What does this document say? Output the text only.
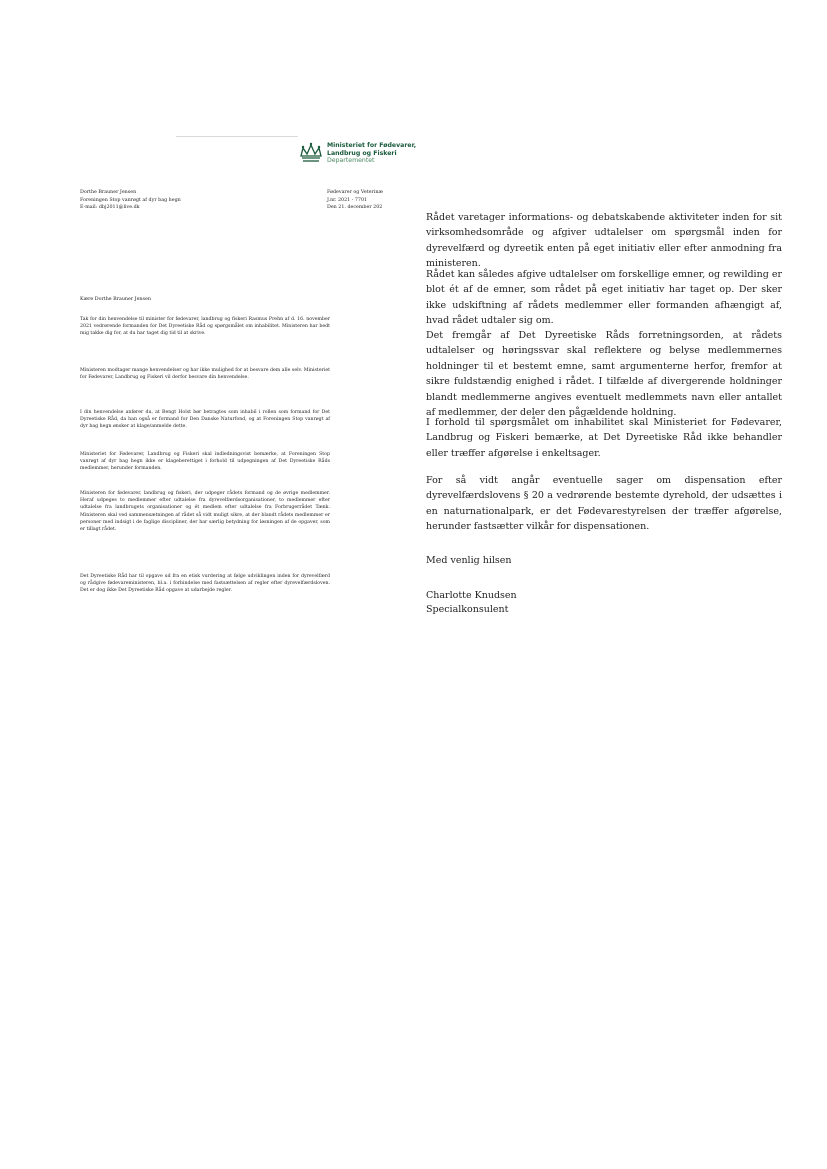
Ministeriet for Fødevarer,
Landbrug og Fiskeri
Departementet
Dorthe Brauner Jensen
Foreningen Stop vanrøgt af dyr bag hegn
E-mail: dbj2011@live.dk
Fødevarer og Veterinæ
J.nr. 2021 - 7701
Den 21. december 202
Kære Dorthe Brauner Jensen

Tak for din henvendelse til minister for fødevarer, landbrug og fiskeri Rasmus Prehn af d. 16. november 2021 vedrørende formanden for Det Dyreetiske Råd og spørgsmålet om inhabilitet. Ministeren har bedt mig takke dig for, at du har taget dig tid til at skrive.

Ministeren modtager mange henvendelser og har ikke mulighed for at besvare dem alle selv. Ministeriet for Fødevarer, Landbrug og Fiskeri vil derfor besvare din henvendelse.

I din henvendelse anfører du, at Bengt Holst bør betragtes som inhabil i rollen som formand for Det Dyreetiske Råd, da han også er formand for Den Danske Naturfond, og at Foreningen Stop vanrøgt af dyr bag hegn ønsker at klage/anmelde dette.

Ministeriet for Fødevarer, Landbrug og Fiskeri skal indledningsvist bemærke, at Foreningen Stop vanrøgt af dyr bag hegn ikke er klageberettiget i forhold til udpegningen af Det Dyreetiske Råds medlemmer, herunder formanden.

Ministeren for fødevarer, landbrug og fiskeri, der udpeger rådets formand og de øvrige medlemmer. Heraf udpeges to medlemmer efter udtalelse fra dyrevelfærdsorganisationer, to medlemmer efter udtalelse fra landbrugets organisationer og ét medlem efter udtalelse fra Forbrugerrådet Tænk. Ministeren skal ved sammensætningen af rådet så vidt muligt sikre, at der blandt rådets medlemmer er personer med indsigt i de faglige discipliner, der har særlig betydning for løsningen af de opgaver, som er tillagt rådet.

Det Dyreetiske Råd har til opgave ud fra en etisk vurdering at følge udviklingen inden for dyrevelfærd og rådgive fødevareministeren, bl.a. i forbindelse med fastsættelsen af regler efter dyrevelfærdsloven. Det er dog ikke Det Dyreetiske Råd opgave at udarbejde regler.

Rådet varetager informations- og debatskabende aktiviteter inden for sit virksomhedsområde og afgiver udtalelser om spørgsmål inden for dyrevelfærd og dyreetik enten på eget initiativ eller efter anmodning fra ministeren.

Rådet kan således afgive udtalelser om forskellige emner, og rewilding er blot ét af de emner, som rådet på eget initiativ har taget op. Der sker ikke udskiftning af rådets medlemmer eller formanden afhængigt af, hvad rådet udtaler sig om.

Det fremgår af Det Dyreetiske Råds forretningsorden, at rådets udtalelser og høringssvar skal reflektere og belyse medlemmernes holdninger til et bestemt emne, samt argumenterne herfor, fremfor at sikre fuldstændig enighed i rådet. I tilfælde af divergerende holdninger blandt medlemmerne angives eventuelt medlemmets navn eller antallet af medlemmer, der deler den pågældende holdning.

I forhold til spørgsmålet om inhabilitet skal Ministeriet for Fødevarer, Landbrug og Fiskeri bemærke, at Det Dyreetiske Råd ikke behandler eller træffer afgørelse i enkeltsager.

For så vidt angår eventuelle sager om dispensation efter dyrevelfærdslovens § 20 a vedrørende bestemte dyrehold, der udsættes i en naturnationalpark, er det Fødevarestyrelsen der træffer afgørelse, herunder fastsætter vilkår for dispensationen.

Med venlig hilsen
Charlotte Knudsen
Specialkonsulent
